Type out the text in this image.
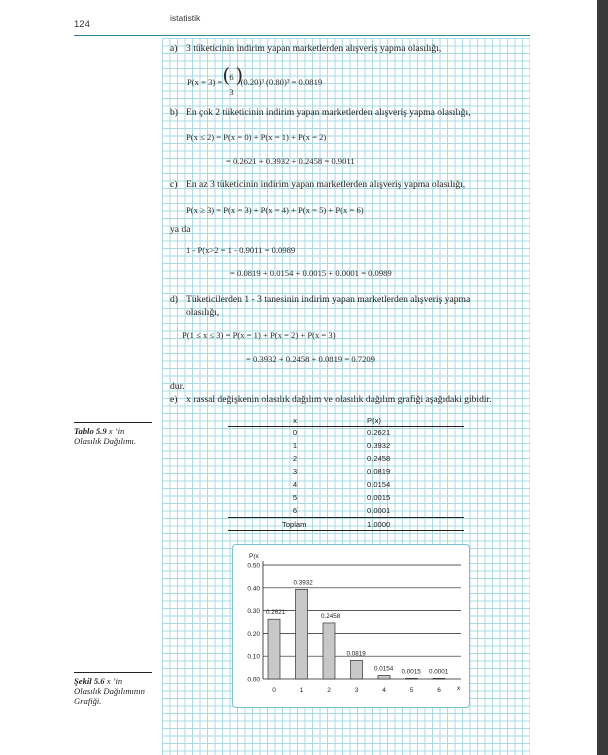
124
istatistik
a) 3 tüketicinin indirim yapan marketlerden alışveriş yapma olasılığı,
P(x = 3) = ( 6
3
)
(0.20)³ (0.80)³ = 0.0819
b) En çok 2 tüketicinin indirim yapan marketlerden alışveriş yapma olasılığı,
P(x ≤ 2) = P(x = 0) + P(x = 1) + P(x = 2)
= 0.2621 + 0.3932 + 0.2458 = 0.9011
c) En az 3 tüketicinin indirim yapan marketlerden alışveriş yapma olasılığı,
P(x ≥ 3) = P(x = 3) + P(x = 4) + P(x = 5) + P(x = 6)
ya da
1 - P(x>2 = 1 - 0.9011 = 0.0989
= 0.0819 + 0.0154 + 0.0015 + 0.0001 = 0.0989
d) Tüketicilerden 1 - 3 tanesinin indirim yapan marketlerden alışveriş yapma
olasılığı,
P(1 ≤ x ≤ 3) = P(x = 1) + P(x = 2) + P(x = 3)
= 0.3932 + 0.2458 + 0.0819 = 0.7209
dur.
e) x rassal değişkenin olasılık dağılım ve olasılık dağılım grafiği aşağıdaki gibidir.
Tablo 5.9 x ’in
Olasılık Dağılımı.
Şekil 5.6 x ’in
Olasılık Dağılımının
Grafiği.
x	P(x)
0	0.2621
1	0.3932
2	0.2458
3	0.0819
4	0.0154
5	0.0015
6	0.0001
Toplam	1.0000
0.00
0.10
0.20
0.30
0.40
0.50
P(x
0.2621
0
0.3932
1
0.2458
2
0.0819
3
0.0154
4
0.0015
5
0.0001
6 x
